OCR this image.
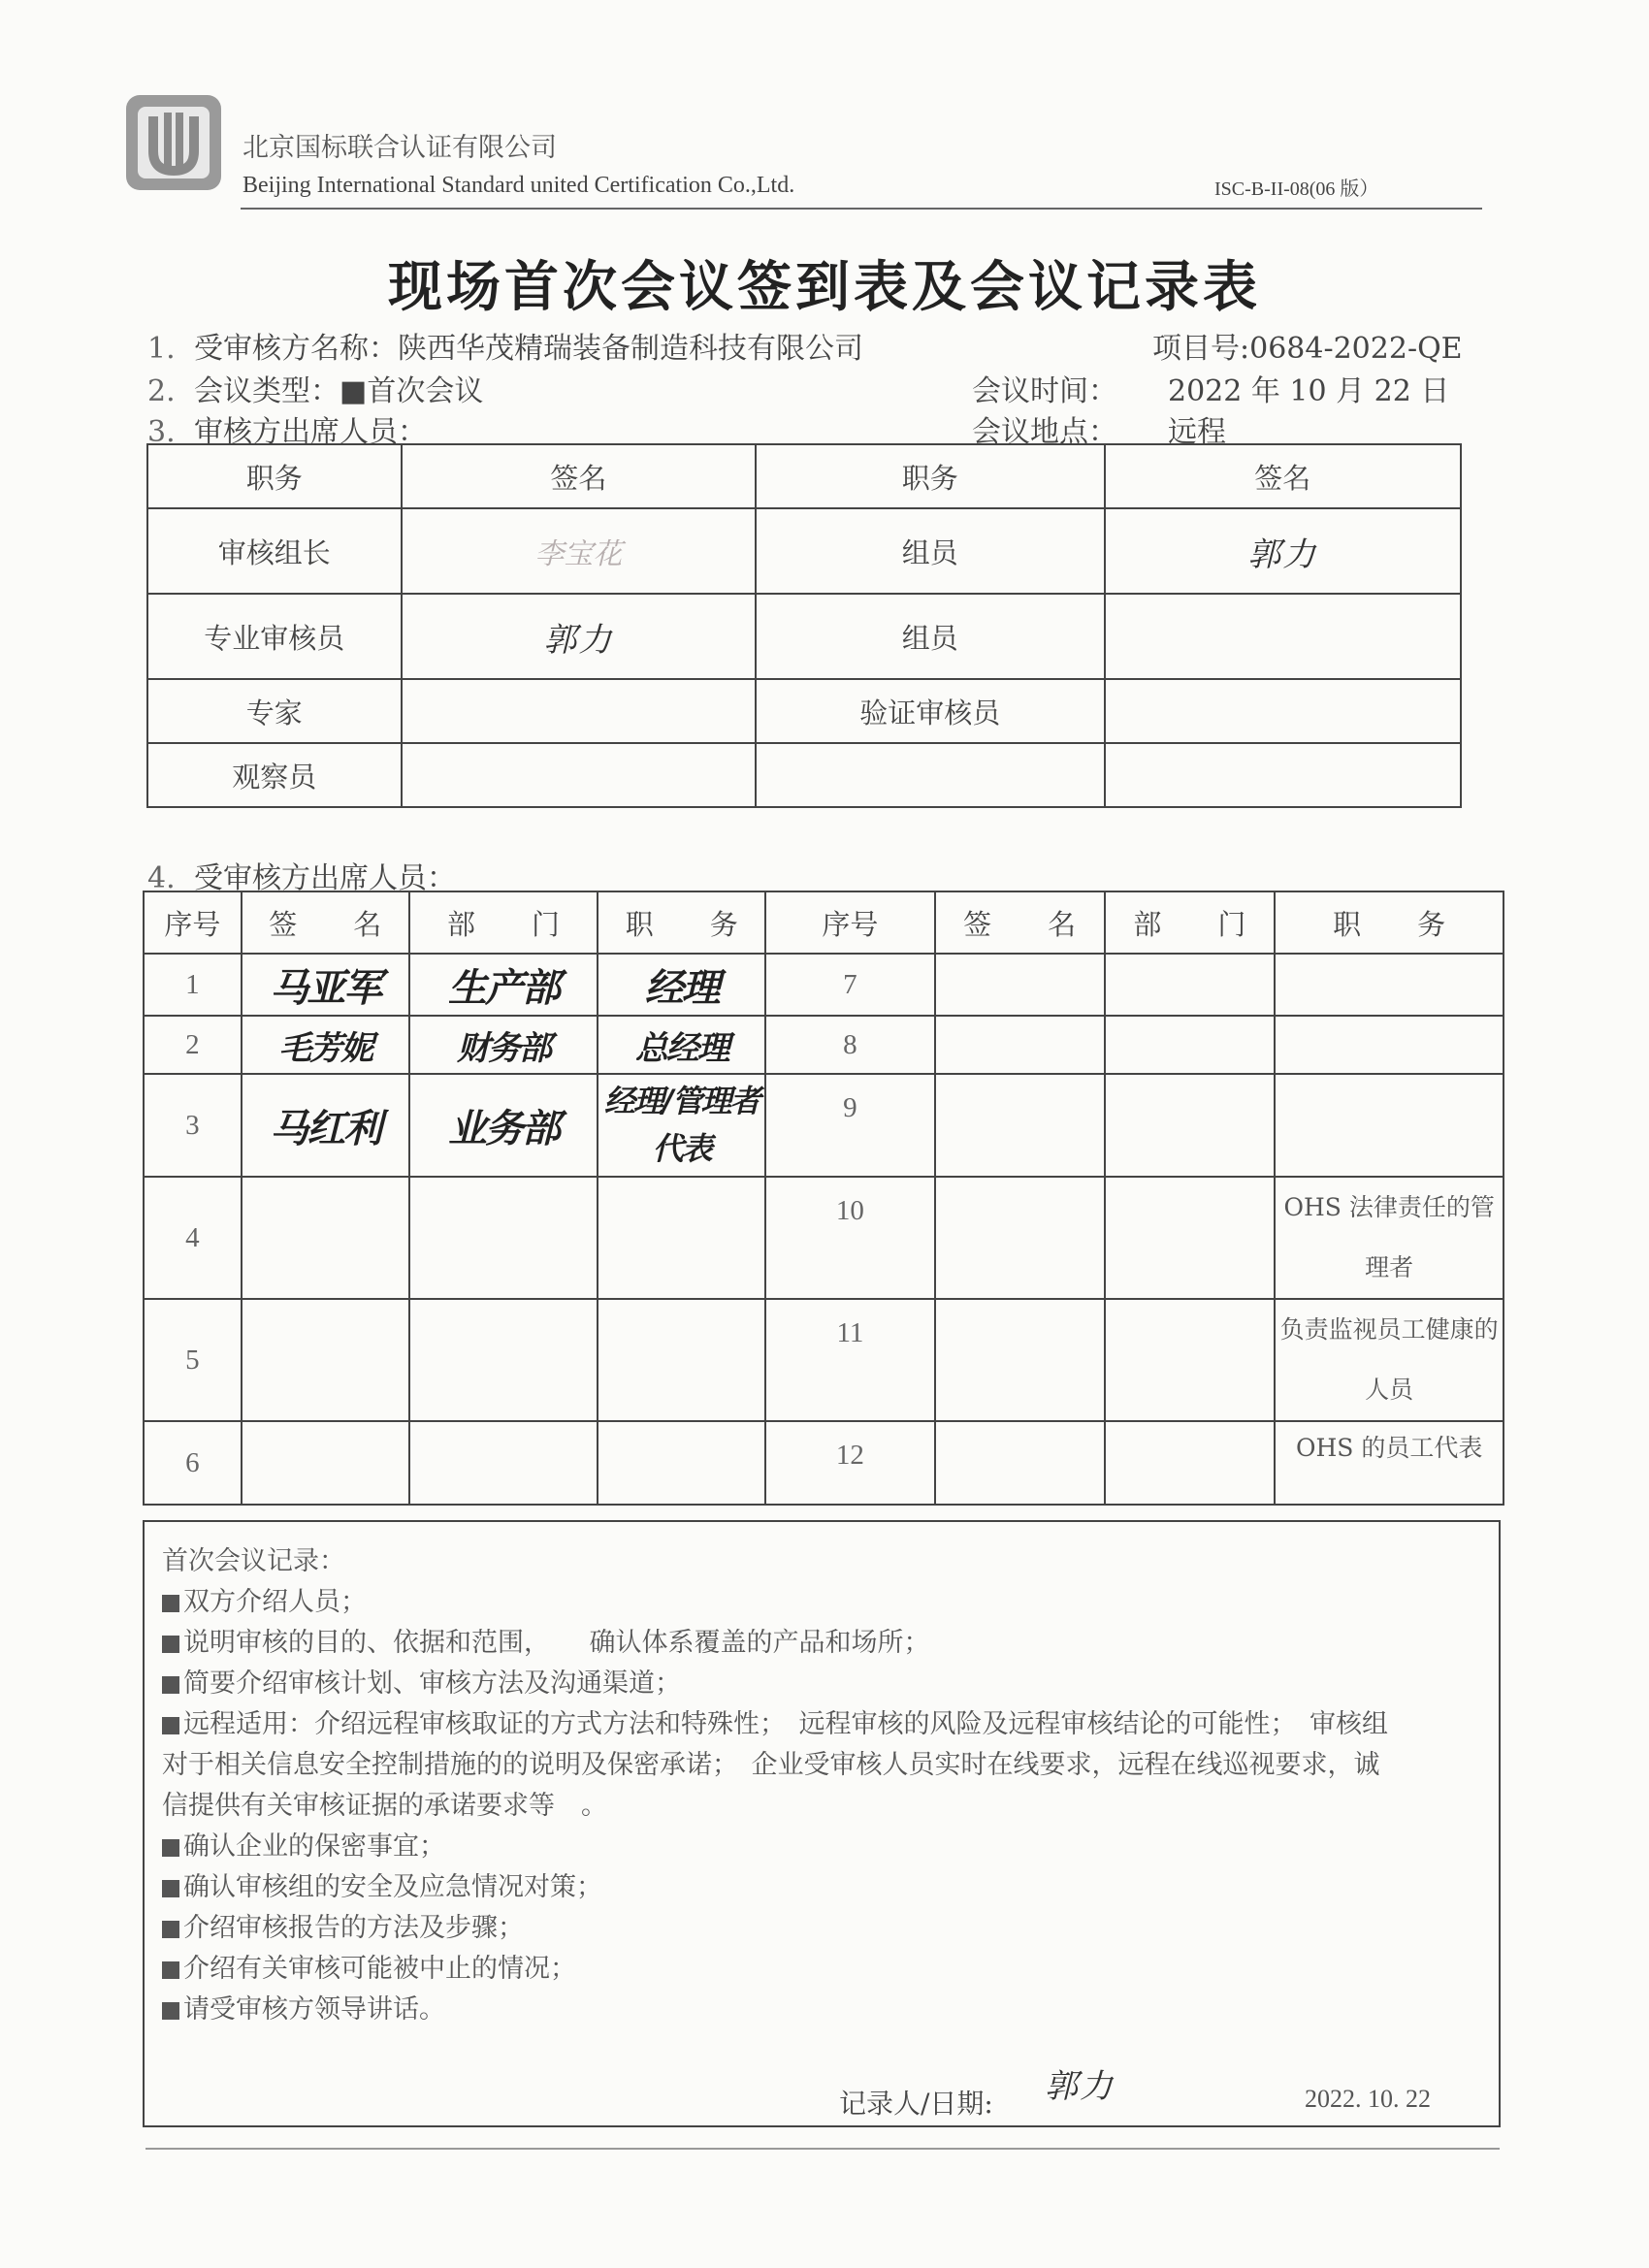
北京国标联合认证有限公司
Beijing International Standard united Certification Co.,Ltd.	ISC-B-II-08(06 版）
现场首次会议签到表及会议记录表
1. 受审核方名称：陕西华茂精瑞装备制造科技有限公司	项目号:0684-2022-QE
2. 会议类型：■首次会议	会议时间： 2022 年 10 月 22 日
3. 审核方出席人员：	会议地点： 远程
职务	签名	职务	签名
审核组长	李宝花	组员	郭力
专业审核员	郭力	组员	
专家		验证审核员	
观察员			
4. 受审核方出席人员：
序号	签　　名	部　　门	职　　务	序号	签　　名	部　　门	职　　务
1	马亚军	生产部	经理	7			
2	毛芳妮	财务部	总经理	8			
3	马红利	业务部	经理/管理者代表	9			
4				10			OHS 法律责任的管理者
5				11			负责监视员工健康的人员
6				12			OHS 的员工代表
首次会议记录：
双方介绍人员；
说明审核的目的、依据和范围，　　确认体系覆盖的产品和场所；
简要介绍审核计划、审核方法及沟通渠道；
远程适用：介绍远程审核取证的方式方法和特殊性；　远程审核的风险及远程审核结论的可能性；　审核组
对于相关信息安全控制措施的的说明及保密承诺；　企业受审核人员实时在线要求，远程在线巡视要求，诚
信提供有关审核证据的承诺要求等　。
确认企业的保密事宜；
确认审核组的安全及应急情况对策；
介绍审核报告的方法及步骤；
介绍有关审核可能被中止的情况；
请受审核方领导讲话。
记录人/日期: 郭力	2022. 10. 22
